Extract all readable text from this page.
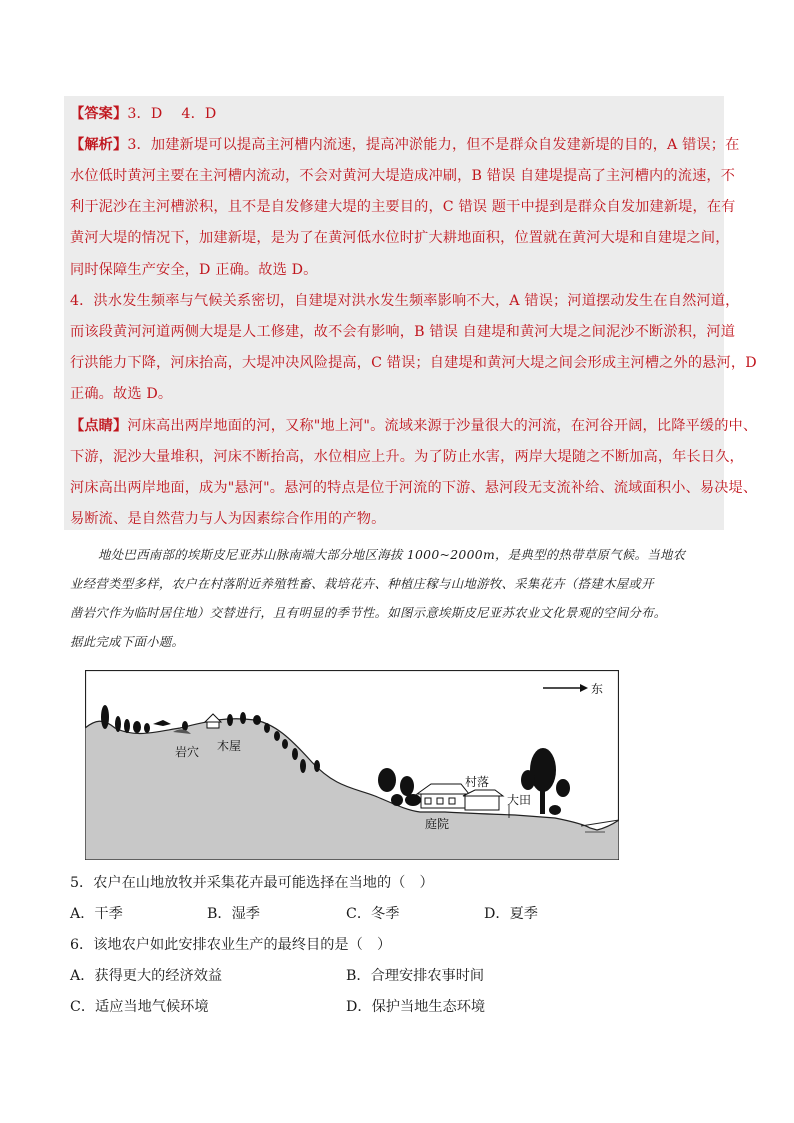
【答案】3．D　 4．D
【解析】3．加建新堤可以提高主河槽内流速，提高冲淤能力，但不是群众自发建新堤的目的，A 错误；在
水位低时黄河主要在主河槽内流动，不会对黄河大堤造成冲刷，B 错误 自建堤提高了主河槽内的流速，不
利于泥沙在主河槽淤积，且不是自发修建大堤的主要目的，C 错误 题干中提到是群众自发加建新堤，在有
黄河大堤的情况下，加建新堤，是为了在黄河低水位时扩大耕地面积，位置就在黄河大堤和自建堤之间，
同时保障生产安全，D 正确。故选 D。
4．洪水发生频率与气候关系密切，自建堤对洪水发生频率影响不大，A 错误；河道摆动发生在自然河道，
而该段黄河河道两侧大堤是人工修建，故不会有影响，B 错误 自建堤和黄河大堤之间泥沙不断淤积，河道
行洪能力下降，河床抬高，大堤冲决风险提高，C 错误；自建堤和黄河大堤之间会形成主河槽之外的悬河，D
正确。故选 D。
【点睛】河床高出两岸地面的河，又称"地上河"。流域来源于沙量很大的河流，在河谷开阔，比降平缓的中、
下游，泥沙大量堆积，河床不断抬高，水位相应上升。为了防止水害，两岸大堤随之不断加高，年长日久，
河床高出两岸地面，成为"悬河"。悬河的特点是位于河流的下游、悬河段无支流补给、流域面积小、易决堤、
易断流、是自然营力与人为因素综合作用的产物。
地处巴西南部的埃斯皮尼亚苏山脉南端大部分地区海拔 1000~2000m，是典型的热带草原气候。当地农
业经营类型多样，农户在村落附近养殖牲畜、栽培花卉、种植庄稼与山地游牧、采集花卉（搭建木屋或开
凿岩穴作为临时居住地）交替进行，且有明显的季节性。如图示意埃斯皮尼亚苏农业文化景观的空间分布。
据此完成下面小题。
东
岩穴 木屋
村落
大田
庭院
5．农户在山地放牧并采集花卉最可能选择在当地的（　）
A．干季	B．湿季	C．冬季	D．夏季
6．该地农户如此安排农业生产的最终目的是（　）
A．获得更大的经济效益	B．合理安排农事时间
C．适应当地气候环境	D．保护当地生态环境
